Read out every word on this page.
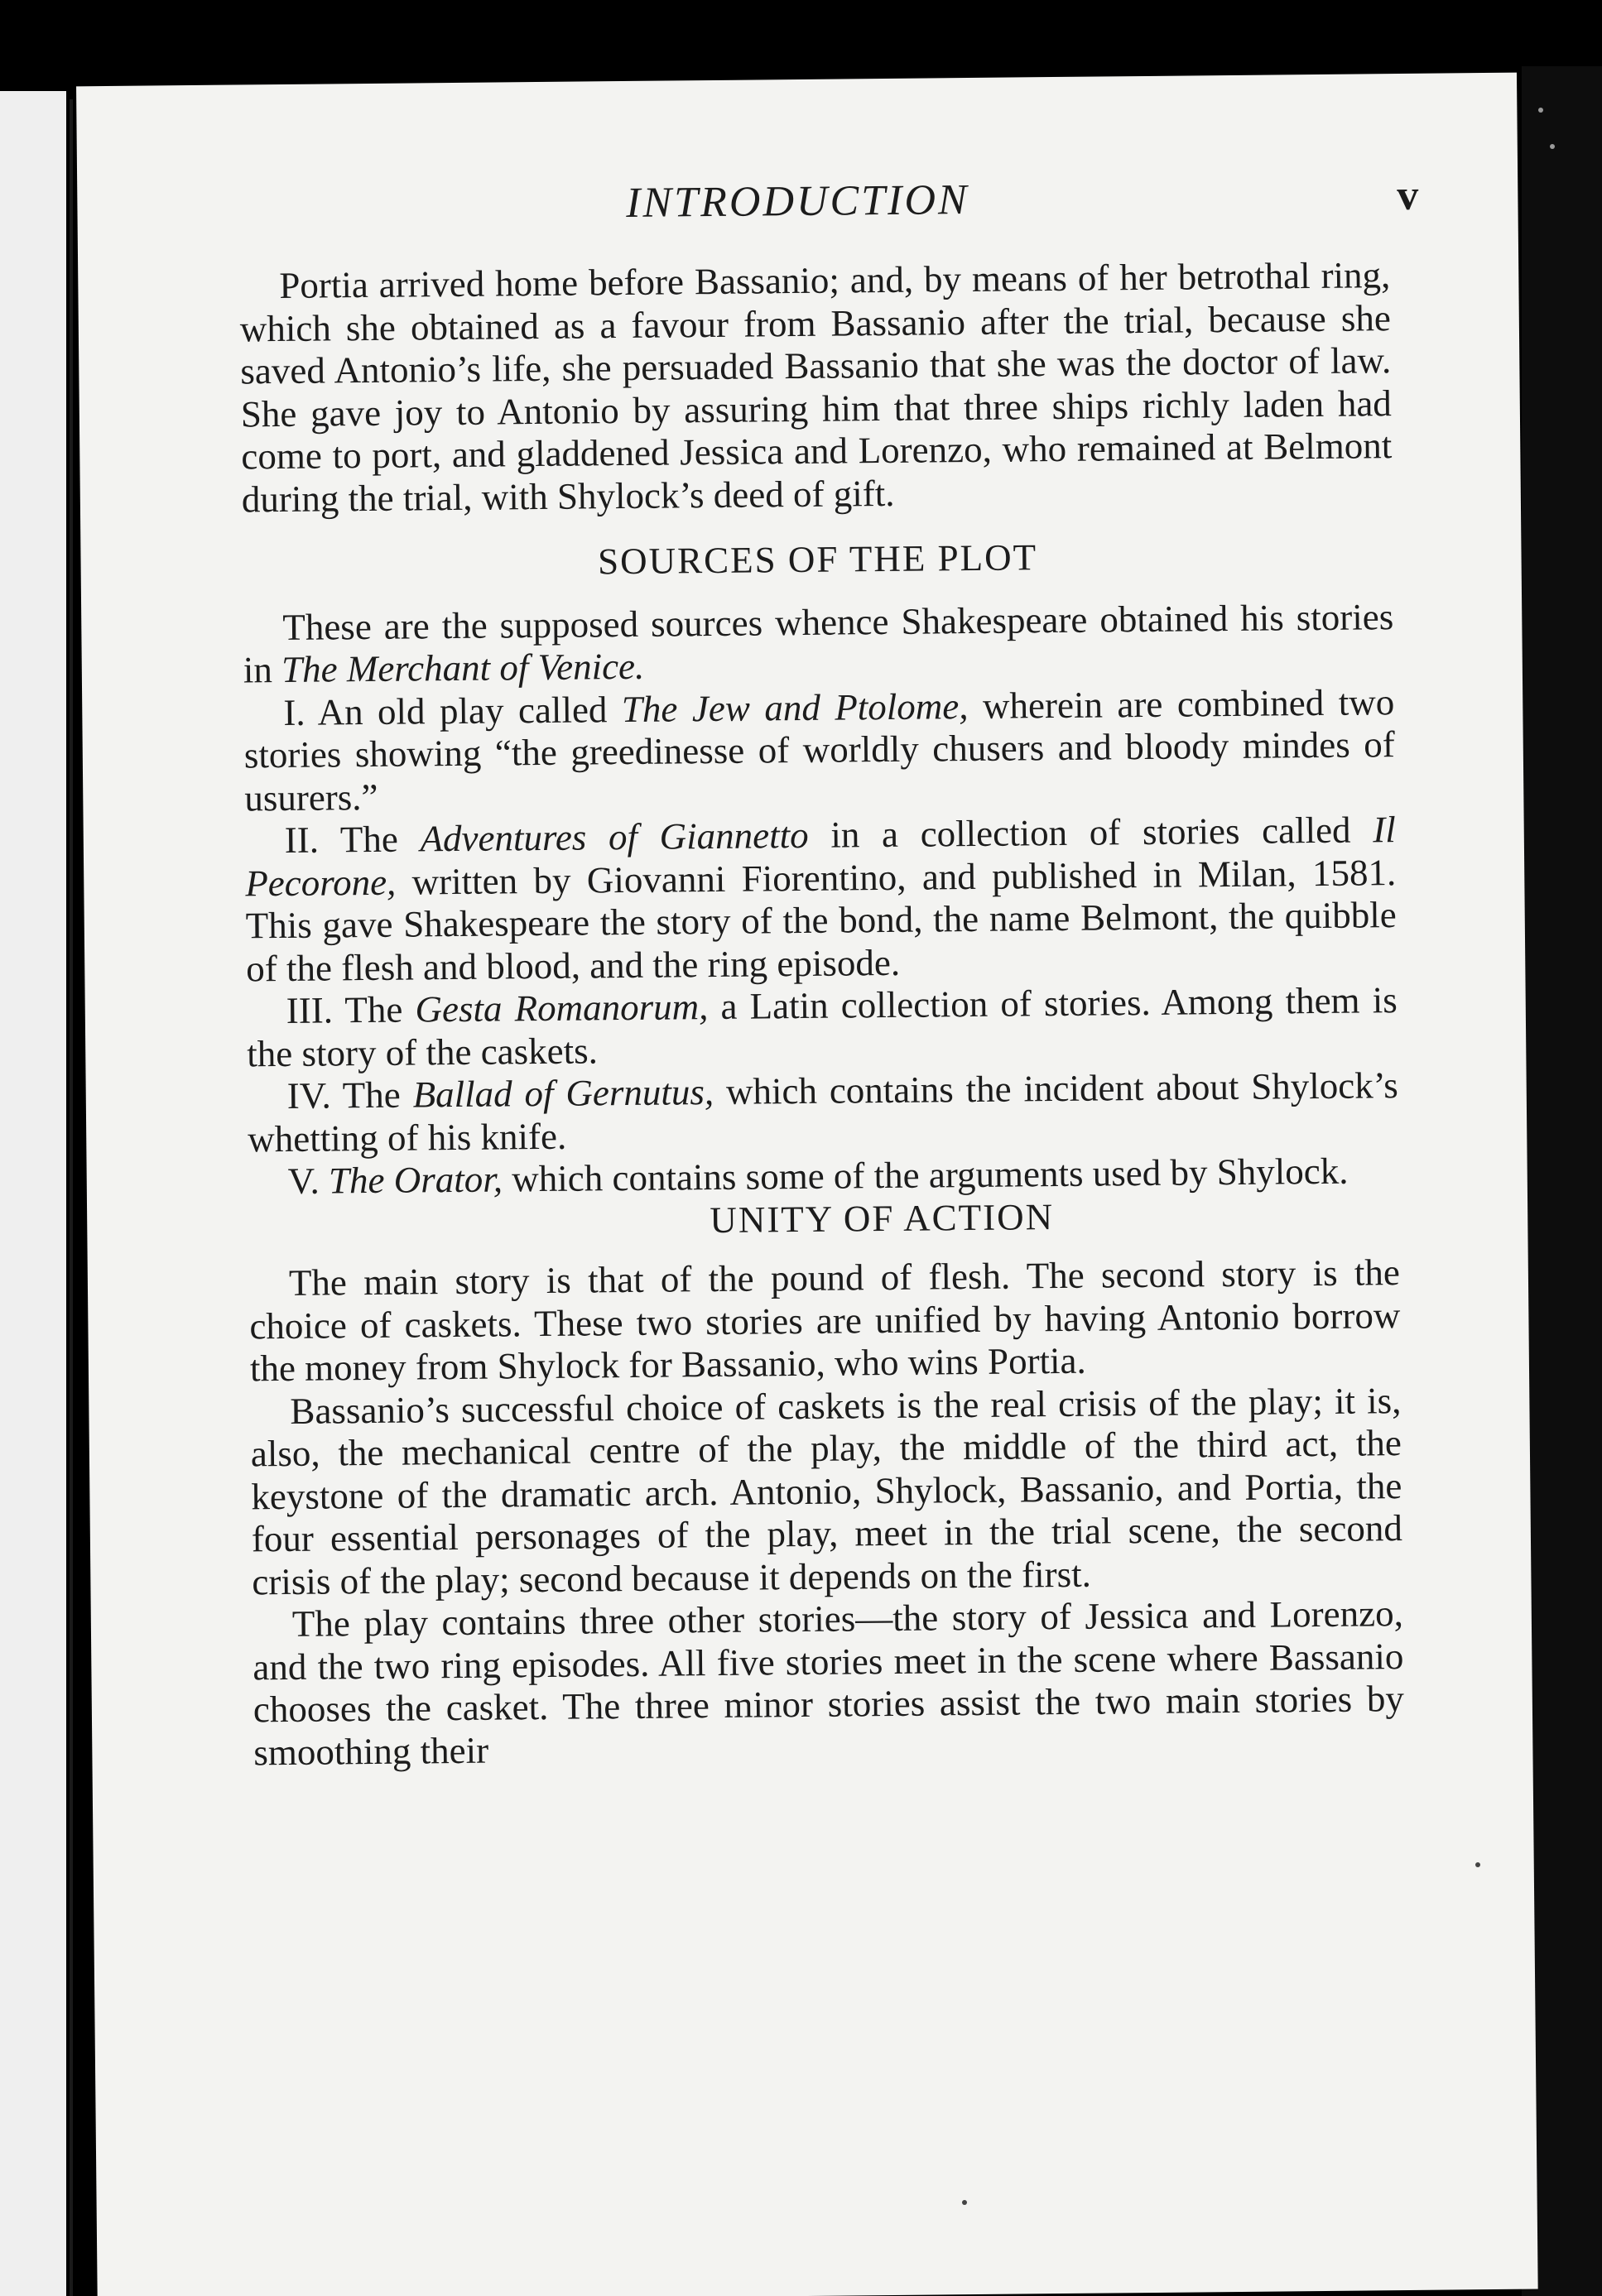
INTRODUCTION	v

Portia arrived home before Bassanio; and, by means of her betrothal ring, which she obtained as a favour from Bassanio after the trial, because she saved Antonio’s life, she persuaded Bassanio that she was the doctor of law. She gave joy to Antonio by assuring him that three ships richly laden had come to port, and gladdened Jessica and Lorenzo, who remained at Belmont during the trial, with Shylock’s deed of gift.

SOURCES OF THE PLOT

These are the supposed sources whence Shakespeare obtained his stories in The Merchant of Venice.

I. An old play called The Jew and Ptolome, wherein are combined two stories showing “the greedinesse of worldly chusers and bloody mindes of usurers.”

II. The Adventures of Giannetto in a collection of stories called Il Pecorone, written by Giovanni Fiorentino, and published in Milan, 1581. This gave Shakespeare the story of the bond, the name Belmont, the quibble of the flesh and blood, and the ring episode.

III. The Gesta Romanorum, a Latin collection of stories. Among them is the story of the caskets.

IV. The Ballad of Gernutus, which contains the incident about Shylock’s whetting of his knife.

V. The Orator, which contains some of the arguments used by Shylock.

UNITY OF ACTION

The main story is that of the pound of flesh. The second story is the choice of caskets. These two stories are unified by having Antonio borrow the money from Shylock for Bassanio, who wins Portia.

Bassanio’s successful choice of caskets is the real crisis of the play; it is, also, the mechanical centre of the play, the middle of the third act, the keystone of the dramatic arch. Antonio, Shylock, Bassanio, and Portia, the four essential personages of the play, meet in the trial scene, the second crisis of the play; second because it depends on the first.

The play contains three other stories—the story of Jessica and Lorenzo, and the two ring episodes. All five stories meet in the scene where Bassanio chooses the casket. The three minor stories assist the two main stories by smoothing their
